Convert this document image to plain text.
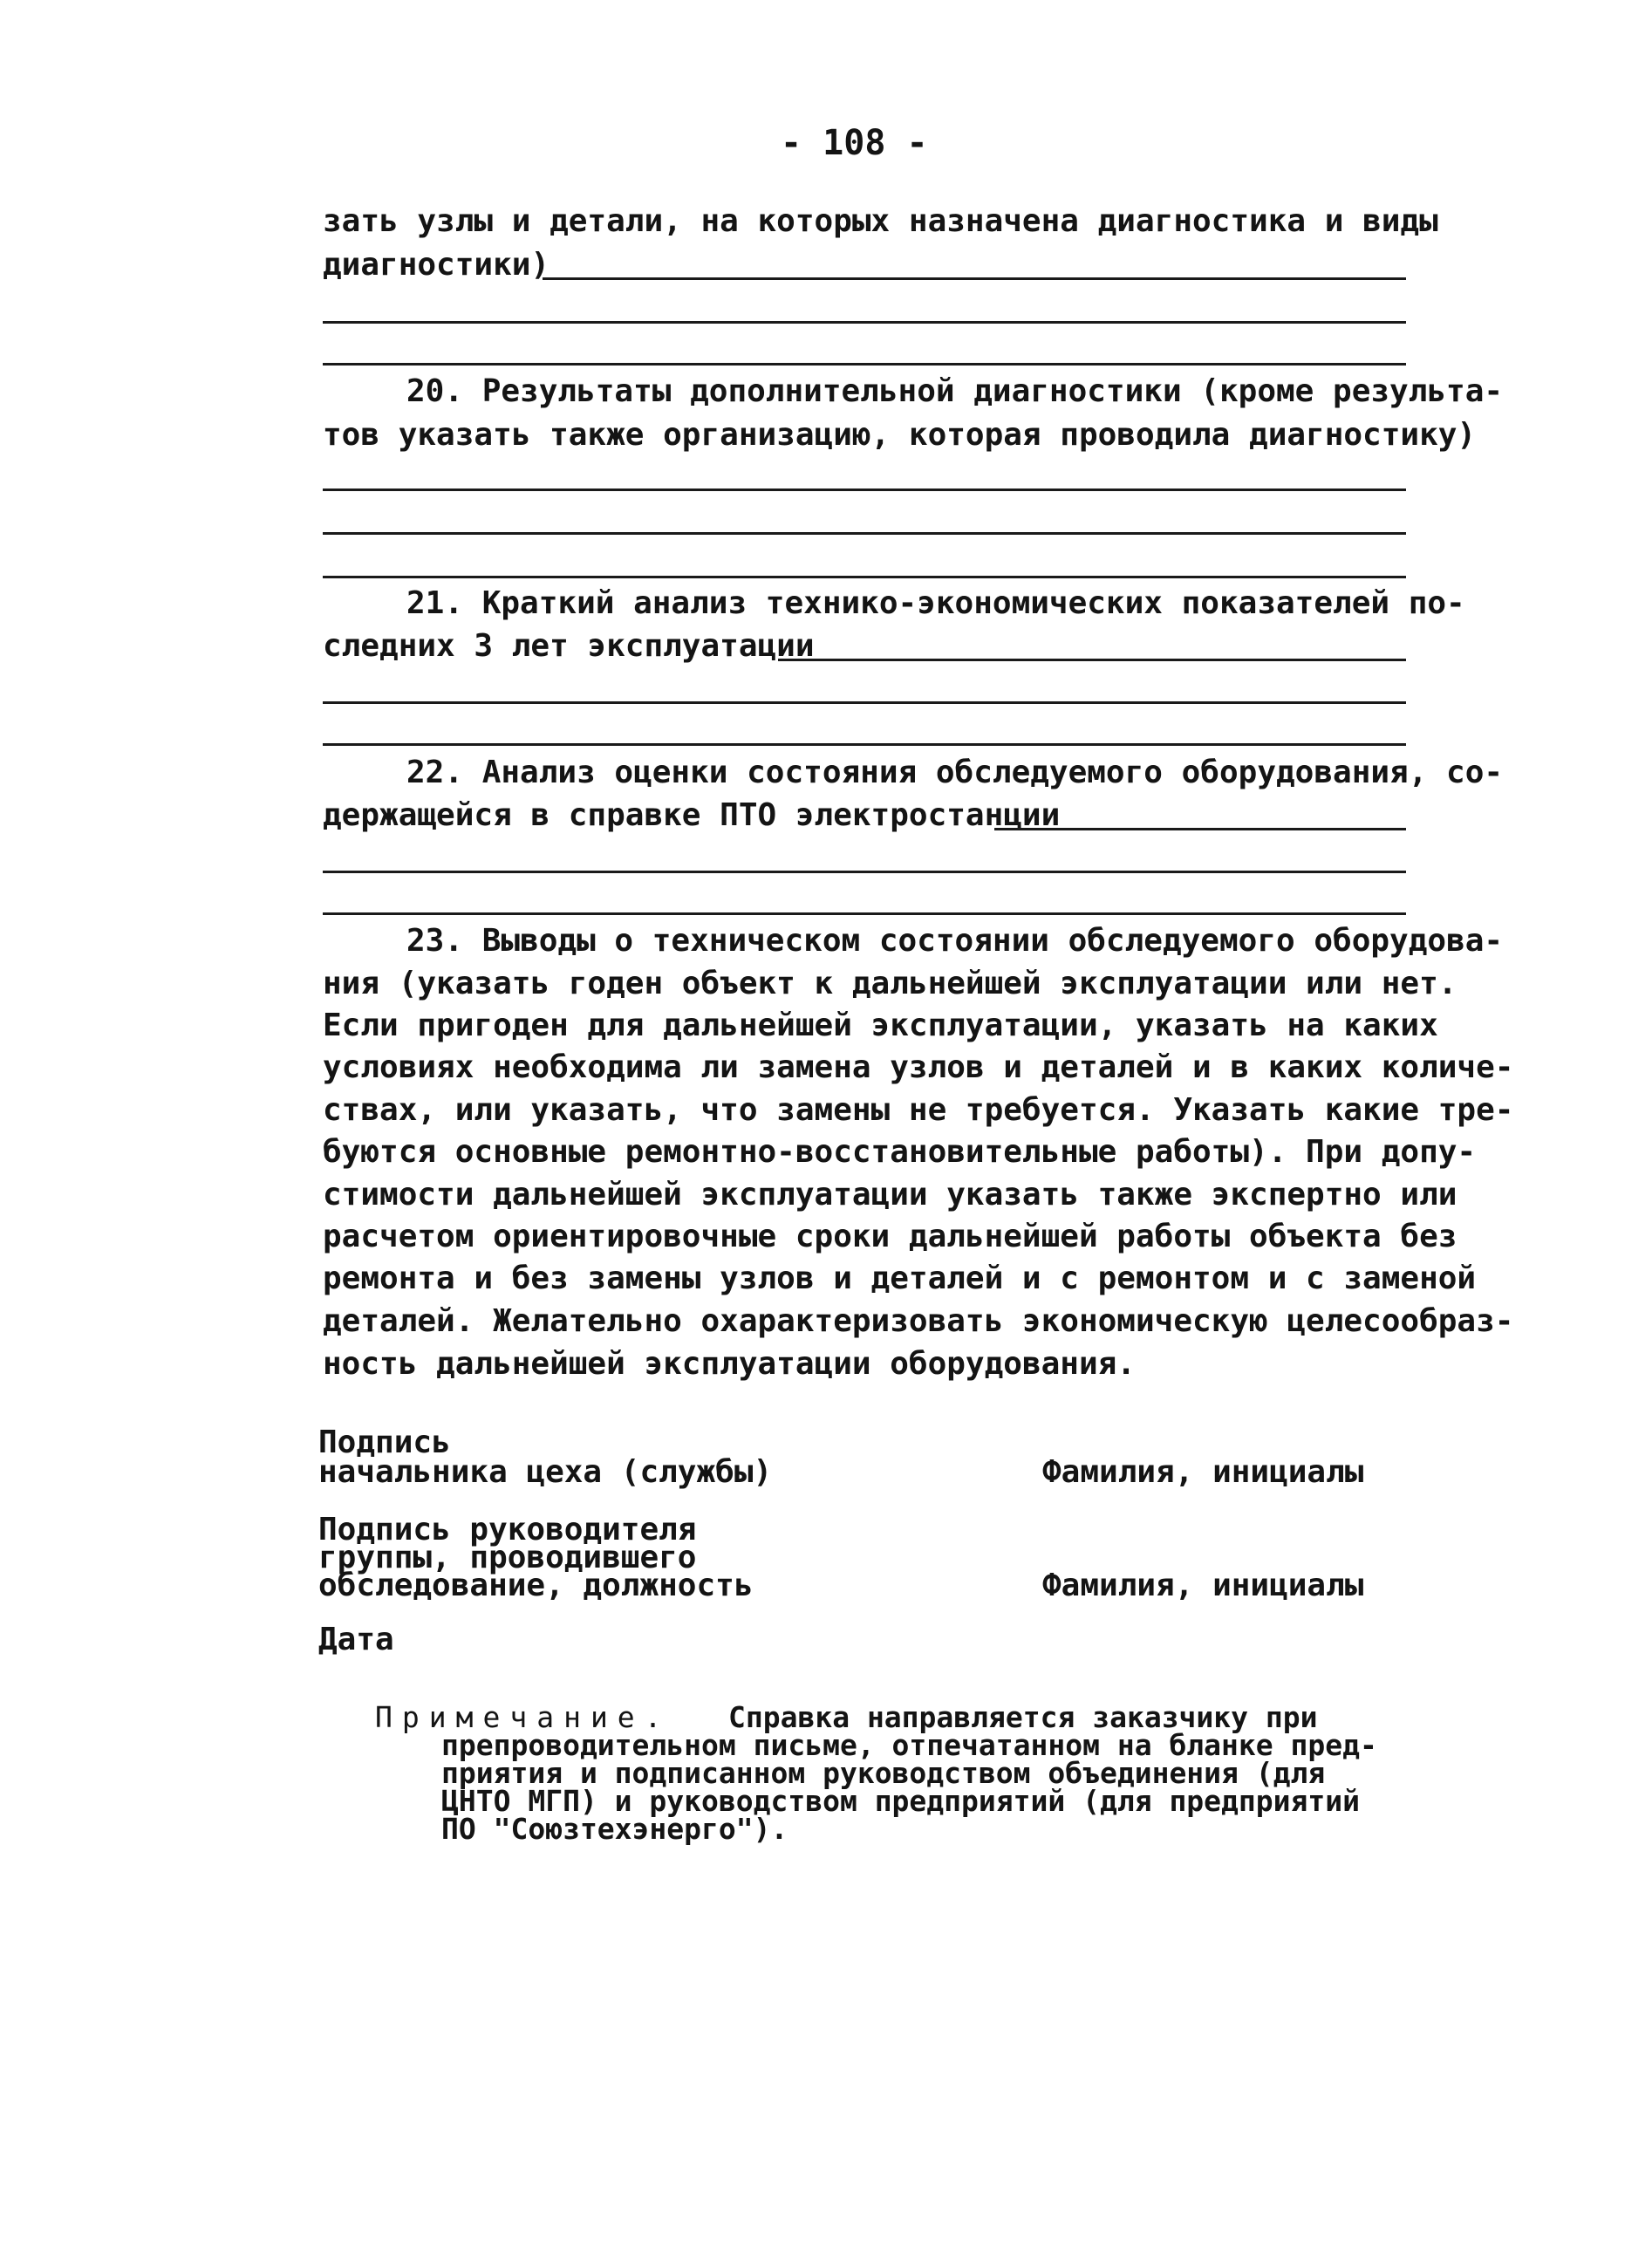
- 108 -
зать узлы и детали, на которых назначена диагностика и виды
диагностики)
20. Результаты дополнительной диагностики (кроме результа-
тов указать также организацию, которая проводила диагностику)
21. Краткий анализ технико-экономических показателей по-
следних 3 лет эксплуатации
22. Анализ оценки состояния обследуемого оборудования, со-
держащейся в справке ПТО электростанции
23. Выводы о техническом состоянии обследуемого оборудова-
ния (указать годен объект к дальнейшей эксплуатации или нет.
Если пригоден для дальнейшей эксплуатации, указать на каких
условиях необходима ли замена узлов и деталей и в каких количе-
ствах, или указать, что замены не требуется. Указать какие тре-
буются основные ремонтно-восстановительные работы). При допу-
стимости дальнейшей эксплуатации указать также экспертно или
расчетом ориентировочные сроки дальнейшей работы объекта без
ремонта и без замены узлов и деталей и с ремонтом и с заменой
деталей. Желательно охарактеризовать экономическую целесообраз-
ность дальнейшей эксплуатации оборудования.
Подпись
начальника цеха (службы)	Фамилия, инициалы
Подпись руководителя
группы, проводившего
обследование, должность	Фамилия, инициалы
Дата
Примечание. Справка направляется заказчику при
препроводительном письме, отпечатанном на бланке пред-
приятия и подписанном руководством объединения (для
ЦНТО МГП) и руководством предприятий (для предприятий
ПО "Союзтехэнерго").
